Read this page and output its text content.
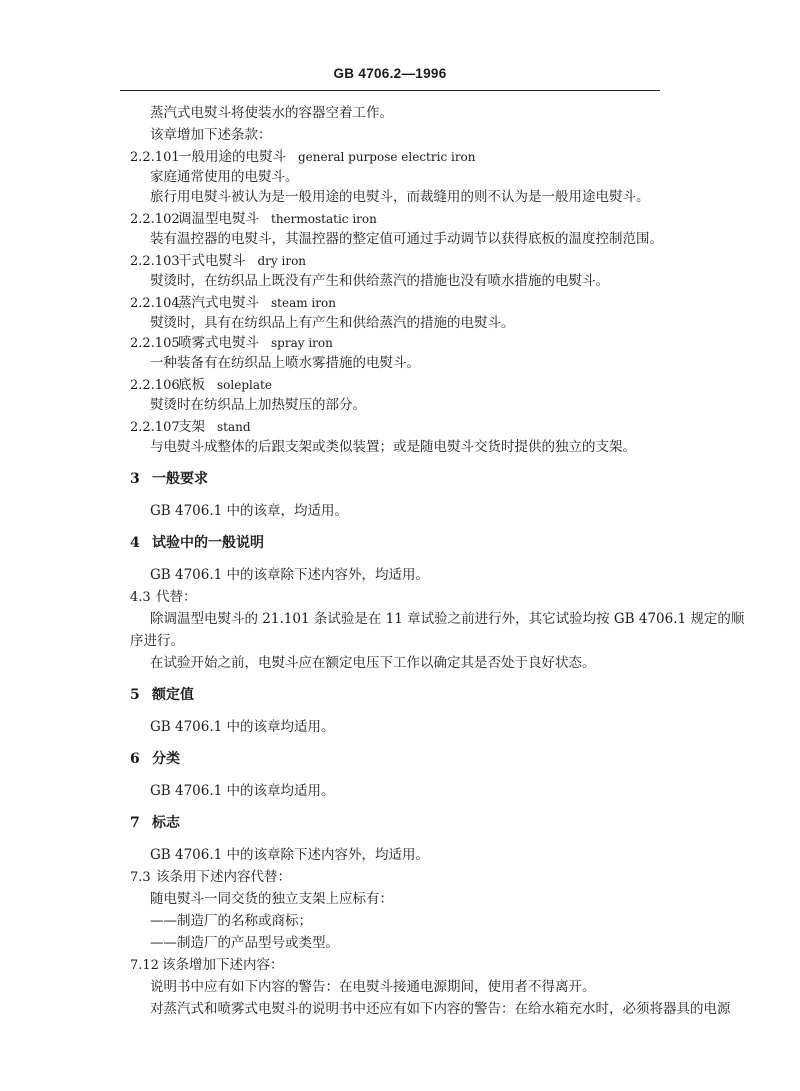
GB 4706.2—1996
蒸汽式电熨斗将使装水的容器空着工作。
该章增加下述条款：
2.2.101一般用途的电熨斗 general purpose electric iron
家庭通常使用的电熨斗。
旅行用电熨斗被认为是一般用途的电熨斗，而裁缝用的则不认为是一般用途电熨斗。
2.2.102调温型电熨斗 thermostatic iron
装有温控器的电熨斗，其温控器的整定值可通过手动调节以获得底板的温度控制范围。
2.2.103干式电熨斗 dry iron
熨烫时，在纺织品上既没有产生和供给蒸汽的措施也没有喷水措施的电熨斗。
2.2.104蒸汽式电熨斗 steam iron
熨烫时，具有在纺织品上有产生和供给蒸汽的措施的电熨斗。
2.2.105喷雾式电熨斗 spray iron
一种装备有在纺织品上喷水雾措施的电熨斗。
2.2.106底板 soleplate
熨烫时在纺织品上加热熨压的部分。
2.2.107支架 stand
与电熨斗成整体的后跟支架或类似装置；或是随电熨斗交货时提供的独立的支架。
3 一般要求
GB 4706.1 中的该章，均适用。
4 试验中的一般说明
GB 4706.1 中的该章除下述内容外，均适用。
4.3 代替：
除调温型电熨斗的 21.101 条试验是在 11 章试验之前进行外，其它试验均按 GB 4706.1 规定的顺
序进行。
在试验开始之前，电熨斗应在额定电压下工作以确定其是否处于良好状态。
5 额定值
GB 4706.1 中的该章均适用。
6 分类
GB 4706.1 中的该章均适用。
7 标志
GB 4706.1 中的该章除下述内容外，均适用。
7.3 该条用下述内容代替：
随电熨斗一同交货的独立支架上应标有：
——制造厂的名称或商标；
——制造厂的产品型号或类型。
7.12 该条增加下述内容：
说明书中应有如下内容的警告：在电熨斗接通电源期间，使用者不得离开。
对蒸汽式和喷雾式电熨斗的说明书中还应有如下内容的警告：在给水箱充水时，必须将器具的电源
